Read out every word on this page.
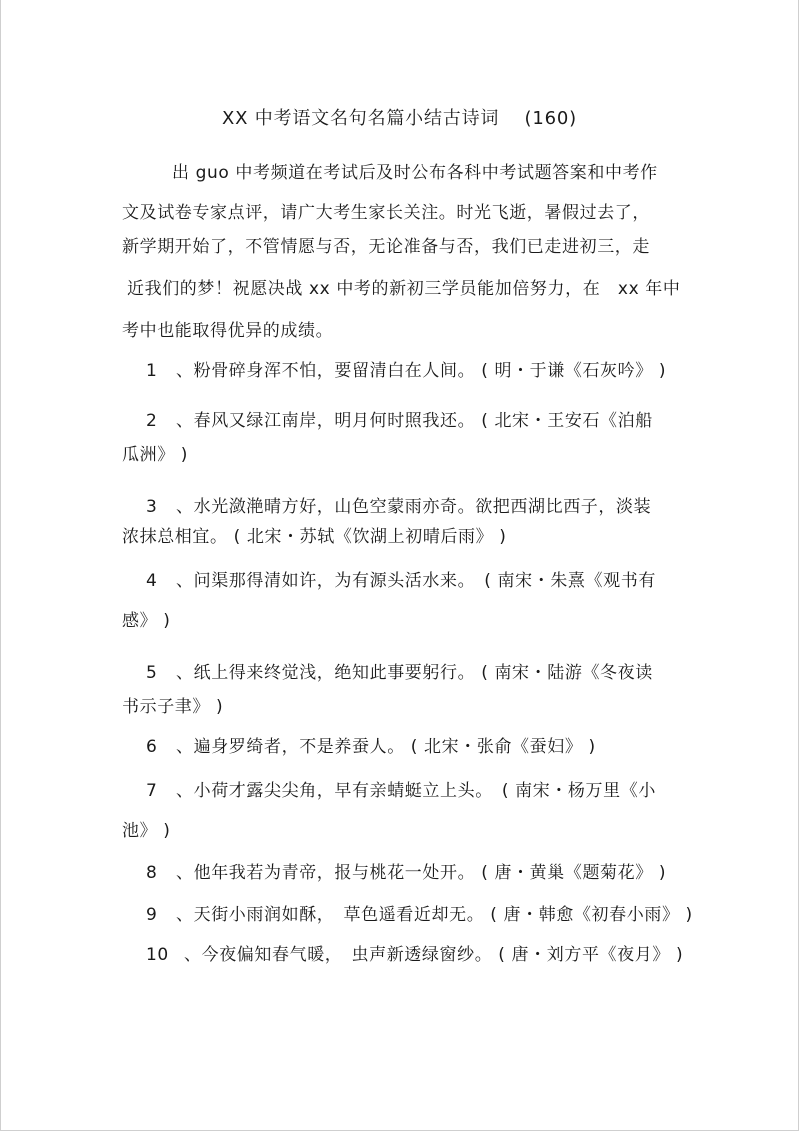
XX 中考语文名句名篇小结古诗词 　(160)
出 guo 中考频道在考试后及时公布各科中考试题答案和中考作
文及试卷专家点评，请广大考生家长关注。时光飞逝，暑假过去了，
新学期开始了，不管情愿与否，无论准备与否，我们已走进初三，走
近我们的梦！祝愿决战 xx 中考的新初三学员能加倍努力，在　xx 年中
考中也能取得优异的成绩。
1 、粉骨碎身浑不怕，要留清白在人间。 ( 明・于谦《石灰吟》 )
2 、春风又绿江南岸，明月何时照我还。 ( 北宋・王安石《泊船
瓜洲》 )
3 、水光潋滟晴方好，山色空蒙雨亦奇。欲把西湖比西子，淡装
浓抹总相宜。 ( 北宋・苏轼《饮湖上初晴后雨》 )
4 、问渠那得清如许，为有源头活水来。　( 南宋・朱熹《观书有
感》 )
5 、纸上得来终觉浅，绝知此事要躬行。 ( 南宋・陆游《冬夜读
书示子聿》 )
6 、遍身罗绮者，不是养蚕人。 ( 北宋・张俞《蚕妇》 )
7 、小荷才露尖尖角，早有亲蜻蜓立上头。　( 南宋・杨万里《小
池》 )
8 、他年我若为青帝，报与桃花一处开。 ( 唐・黄巢《题菊花》 )
9 、天街小雨润如酥，　草色遥看近却无。 ( 唐・韩愈《初春小雨》 )
10 、今夜偏知春气暖，　虫声新透绿窗纱。 ( 唐・刘方平《夜月》 )
